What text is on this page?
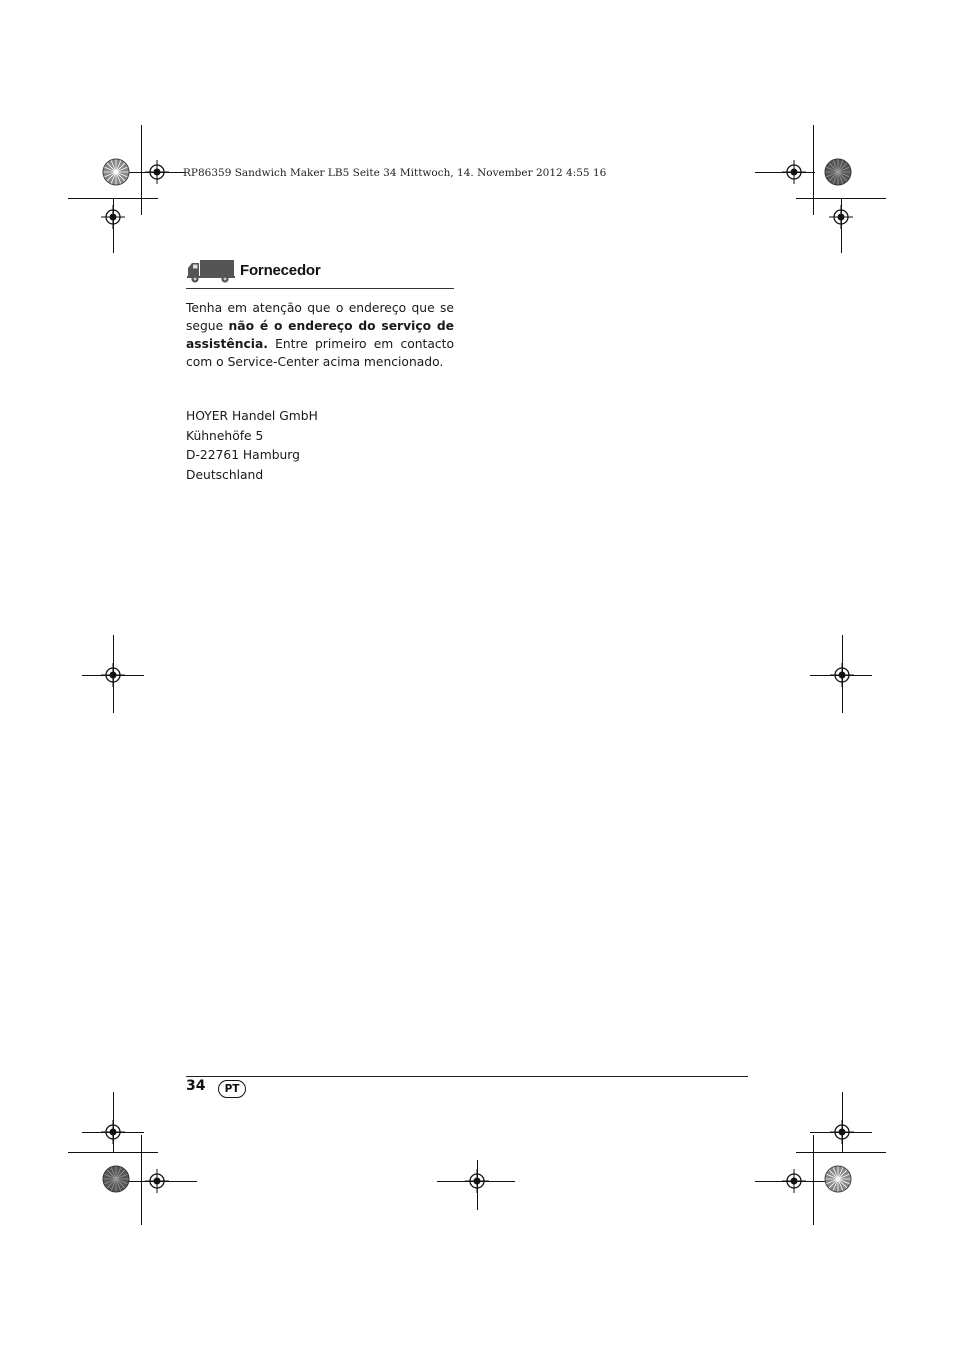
RP86359 Sandwich Maker LB5 Seite 34 Mittwoch, 14. November 2012 4:55 16
Fornecedor
Tenha em atenção que o endereço que se segue não é o endereço do serviço de assistência. Entre primeiro em contacto com o Service-Center acima mencionado.
HOYER Handel GmbH
Kühnehöfe 5
D-22761 Hamburg
Deutschland
34	PT
